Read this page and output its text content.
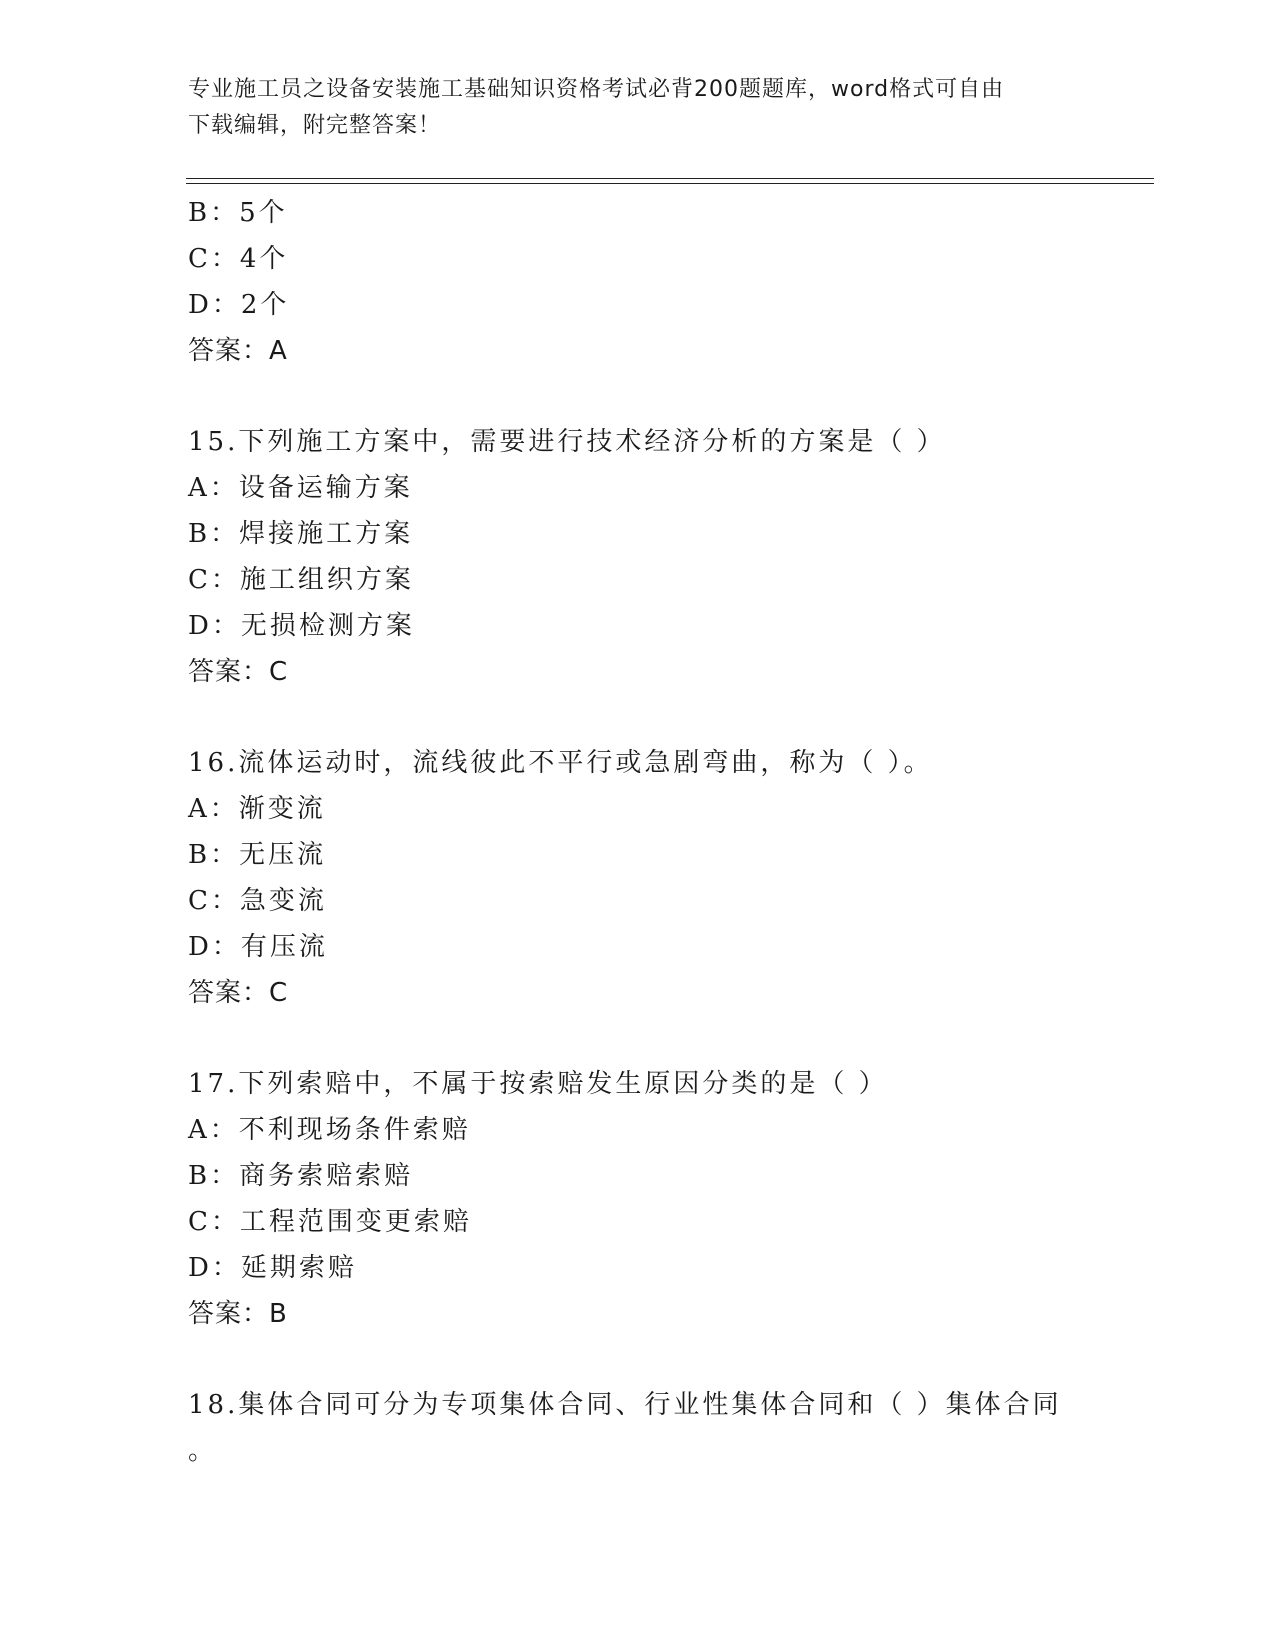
专业施工员之设备安装施工基础知识资格考试必背200题题库，word格式可自由
下载编辑，附完整答案！
B：5个
C：4个
D：2个
答案：A
15.下列施工方案中，需要进行技术经济分析的方案是（ ）
A：设备运输方案
B：焊接施工方案
C：施工组织方案
D：无损检测方案
答案：C
16.流体运动时，流线彼此不平行或急剧弯曲，称为（ ）。
A：渐变流
B：无压流
C：急变流
D：有压流
答案：C
17.下列索赔中，不属于按索赔发生原因分类的是（ ）
A：不利现场条件索赔
B：商务索赔索赔
C：工程范围变更索赔
D：延期索赔
答案：B
18.集体合同可分为专项集体合同、行业性集体合同和（ ）集体合同
。
